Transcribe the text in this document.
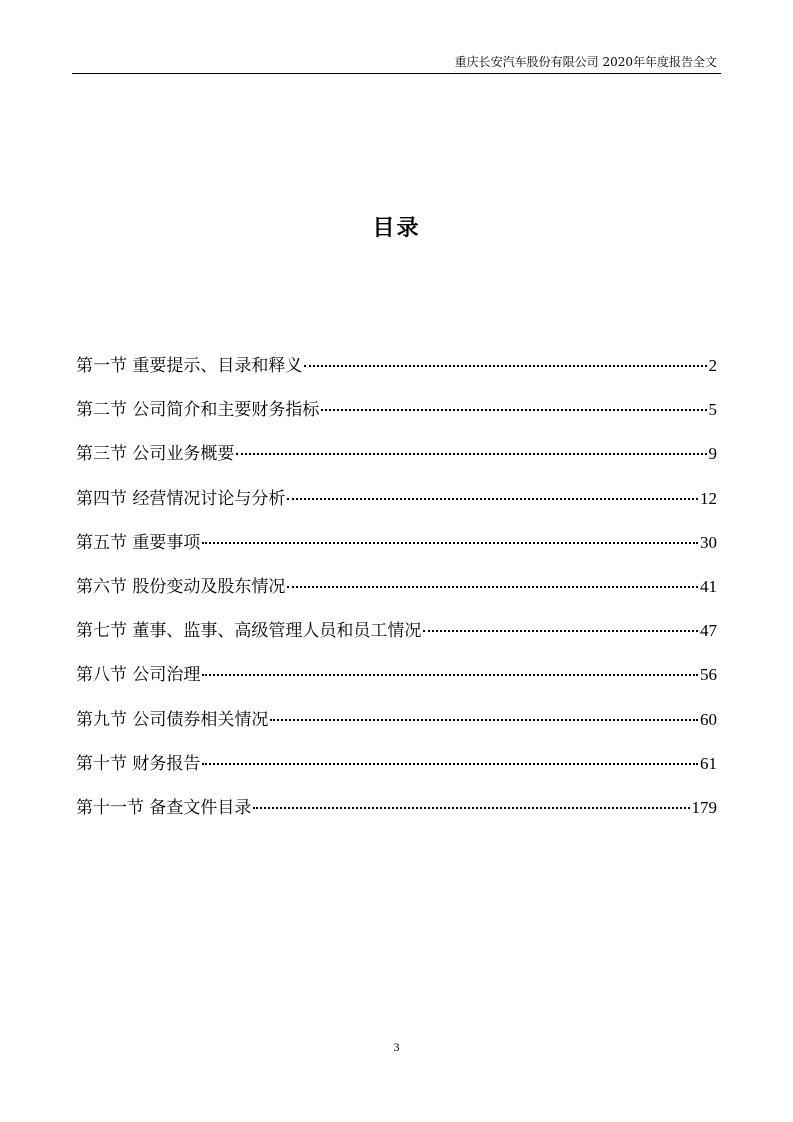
重庆长安汽车股份有限公司 2020年年度报告全文
目录
第一节 重要提示、目录和释义	2
第二节 公司简介和主要财务指标	5
第三节 公司业务概要	9
第四节 经营情况讨论与分析	12
第五节 重要事项	30
第六节 股份变动及股东情况	41
第七节 董事、监事、高级管理人员和员工情况	47
第八节 公司治理	56
第九节 公司债券相关情况	60
第十节 财务报告	61
第十一节 备查文件目录	179
3
